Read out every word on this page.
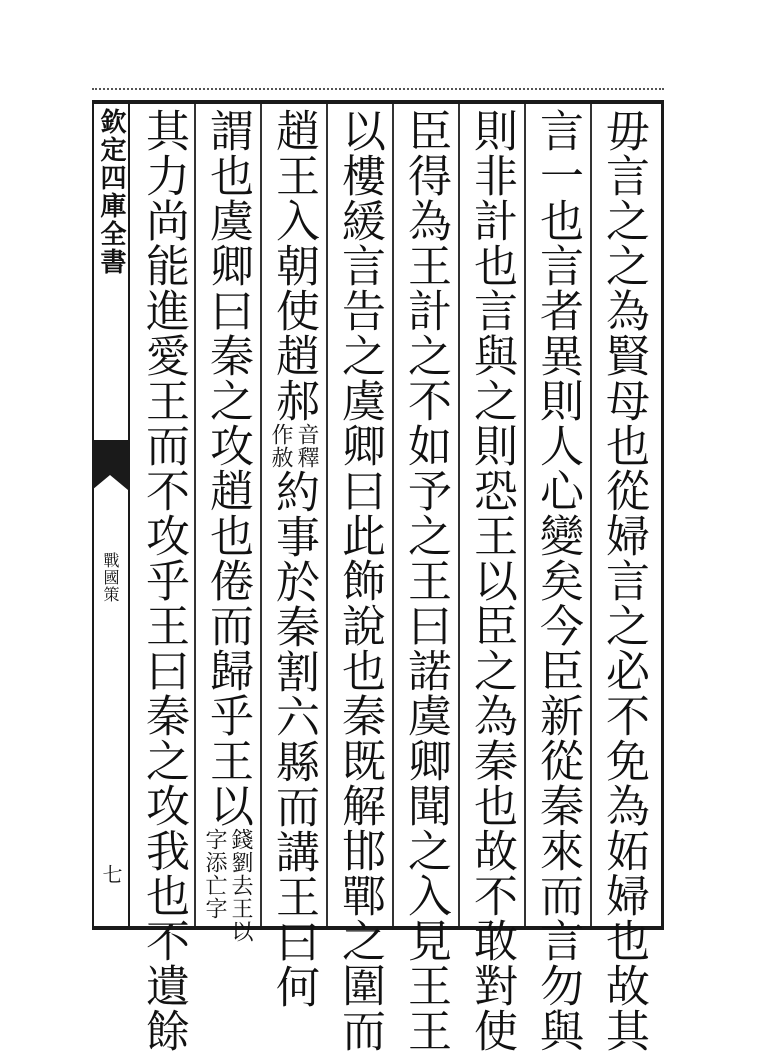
欽定四庫全書
戰國策
七	毋言之之為賢母也從婦言之必不免為妬婦也故其
言一也言者異則人心變矣今臣新從秦來而言勿與
則非計也言與之則恐王以臣之為秦也故不敢對使
臣得為王計之不如予之王曰諾虞卿聞之入見王王
以樓緩言告之虞卿曰此飾說也秦既解邯鄲之圍而
趙王入朝使趙郝
音釋
作赦
約事於秦割六縣而講王曰何
謂也虞卿曰秦之攻趙也倦而歸乎王以
錢劉去王以
字添亡字
其力尚能進愛王而不攻乎王曰秦之攻我也不遺餘
